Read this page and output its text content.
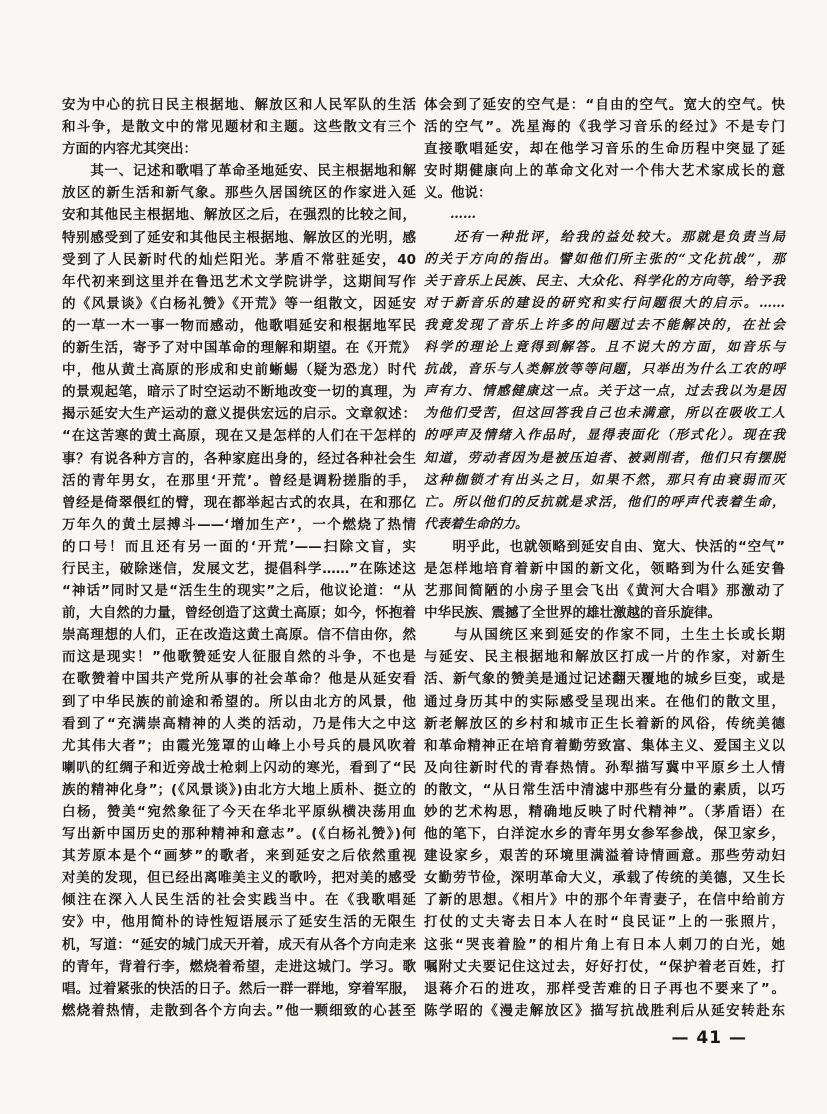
安为中心的抗日民主根据地、解放区和人民军队的生活
和斗争，是散文中的常见题材和主题。这些散文有三个
方面的内容尤其突出：
　　其一、记述和歌唱了革命圣地延安、民主根据地和解
放区的新生活和新气象。那些久居国统区的作家进入延
安和其他民主根据地、解放区之后，在强烈的比较之间，
特别感受到了延安和其他民主根据地、解放区的光明，感
受到了人民新时代的灿烂阳光。茅盾不常驻延安，40
年代初来到这里并在鲁迅艺术文学院讲学，这期间写作
的《风景谈》《白杨礼赞》《开荒》等一组散文，因延安
的一草一木一事一物而感动，他歌唱延安和根据地军民
的新生活，寄予了对中国革命的理解和期望。在《开荒》
中，他从黄土高原的形成和史前蜥蜴（疑为恐龙）时代
的景观起笔，暗示了时空运动不断地改变一切的真理，为
揭示延安大生产运动的意义提供宏远的启示。文章叙述：
“在这苦寒的黄土高原，现在又是怎样的人们在干怎样的
事？有说各种方言的，各种家庭出身的，经过各种社会生
活的青年男女，在那里‘开荒’。曾经是调粉搓脂的手，
曾经是倚翠偎红的臂，现在都举起古式的农具，在和那亿
万年久的黄土层搏斗——‘增加生产’，一个燃烧了热情
的口号！而且还有另一面的‘开荒’——扫除文盲，实
行民主，破除迷信，发展文艺，提倡科学……”在陈述这
“神话”同时又是“活生生的现实”之后，他议论道：“从
前，大自然的力量，曾经创造了这黄土高原；如今，怀抱着
崇高理想的人们，正在改造这黄土高原。信不信由你，然
而这是现实！”他歌赞延安人征服自然的斗争，不也是
在歌赞着中国共产党所从事的社会革命？他是从延安看
到了中华民族的前途和希望的。所以由北方的风景，他
看到了“充满崇高精神的人类的活动，乃是伟大之中这
尤其伟大者”；由霞光笼罩的山峰上小号兵的晨风吹着
喇叭的红绸子和近旁战士枪刺上闪动的寒光，看到了“民
族的精神化身”；(《风景谈》)由北方大地上质朴、挺立的
白杨，赞美“宛然象征了今天在华北平原纵横决荡用血
写出新中国历史的那种精神和意志”。(《白杨礼赞》)何
其芳原本是个“画梦”的歌者，来到延安之后依然重视
对美的发现，但已经出离唯美主义的歌吟，把对美的感受
倾注在深入人民生活的社会实践当中。在《我歌唱延
安》中，他用简朴的诗性短语展示了延安生活的无限生
机，写道：“延安的城门成天开着，成天有从各个方向走来
的青年，背着行李，燃烧着希望，走进这城门。学习。歌
唱。过着紧张的快活的日子。然后一群一群地，穿着军服，
燃烧着热情，走散到各个方向去。”他一颗细致的心甚至
体会到了延安的空气是：“自由的空气。宽大的空气。快
活的空气”。冼星海的《我学习音乐的经过》不是专门
直接歌唱延安，却在他学习音乐的生命历程中突显了延
安时期健康向上的革命文化对一个伟大艺术家成长的意
义。他说：
　　……
　　还有一种批评，给我的益处较大。那就是负责当局
的关于方向的指出。譬如他们所主张的“文化抗战”，那
关于音乐上民族、民主、大众化、科学化的方向等，给予我
对于新音乐的建设的研究和实行问题很大的启示。……
我竟发现了音乐上许多的问题过去不能解决的，在社会
科学的理论上竟得到解答。且不说大的方面，如音乐与
抗战，音乐与人类解放等等问题，只举出为什么工农的呼
声有力、情感健康这一点。关于这一点，过去我以为是因
为他们受苦，但这回答我自己也未满意，所以在吸收工人
的呼声及情绪入作品时，显得表面化（形式化）。现在我
知道，劳动者因为是被压迫者、被剥削者，他们只有摆脱
这种枷锁才有出头之日，如果不然，那只有由衰弱而灭
亡。所以他们的反抗就是求活，他们的呼声代表着生命，
代表着生命的力。
　　明乎此，也就领略到延安自由、宽大、快活的“空气”
是怎样地培育着新中国的新文化，领略到为什么延安鲁
艺那间简陋的小房子里会飞出《黄河大合唱》那激动了
中华民族、震撼了全世界的雄壮激越的音乐旋律。
　　与从国统区来到延安的作家不同，土生土长或长期
与延安、民主根据地和解放区打成一片的作家，对新生
活、新气象的赞美是通过记述翻天覆地的城乡巨变，或是
通过身历其中的实际感受呈现出来。在他们的散文里，
新老解放区的乡村和城市正生长着新的风俗，传统美德
和革命精神正在培育着勤劳致富、集体主义、爱国主义以
及向往新时代的青春热情。孙犁描写冀中平原乡土人情
的散文，“从日常生活中清滤中那些有分量的素质，以巧
妙的艺术构思，精确地反映了时代精神”。（茅盾语）在
他的笔下，白洋淀水乡的青年男女参军参战，保卫家乡，
建设家乡，艰苦的环境里满溢着诗情画意。那些劳动妇
女勤劳节俭，深明革命大义，承载了传统的美德，又生长
了新的思想。《相片》中的那个年青妻子，在信中给前方
打仗的丈夫寄去日本人在时“良民证”上的一张照片，
这张“哭丧着脸”的相片角上有日本人刺刀的白光，她
嘱附丈夫要记住这过去，好好打仗，“保护着老百姓，打
退蒋介石的进攻，那样受苦难的日子再也不要来了”。
陈学昭的《漫走解放区》描写抗战胜利后从延安转赴东
— 41 —
